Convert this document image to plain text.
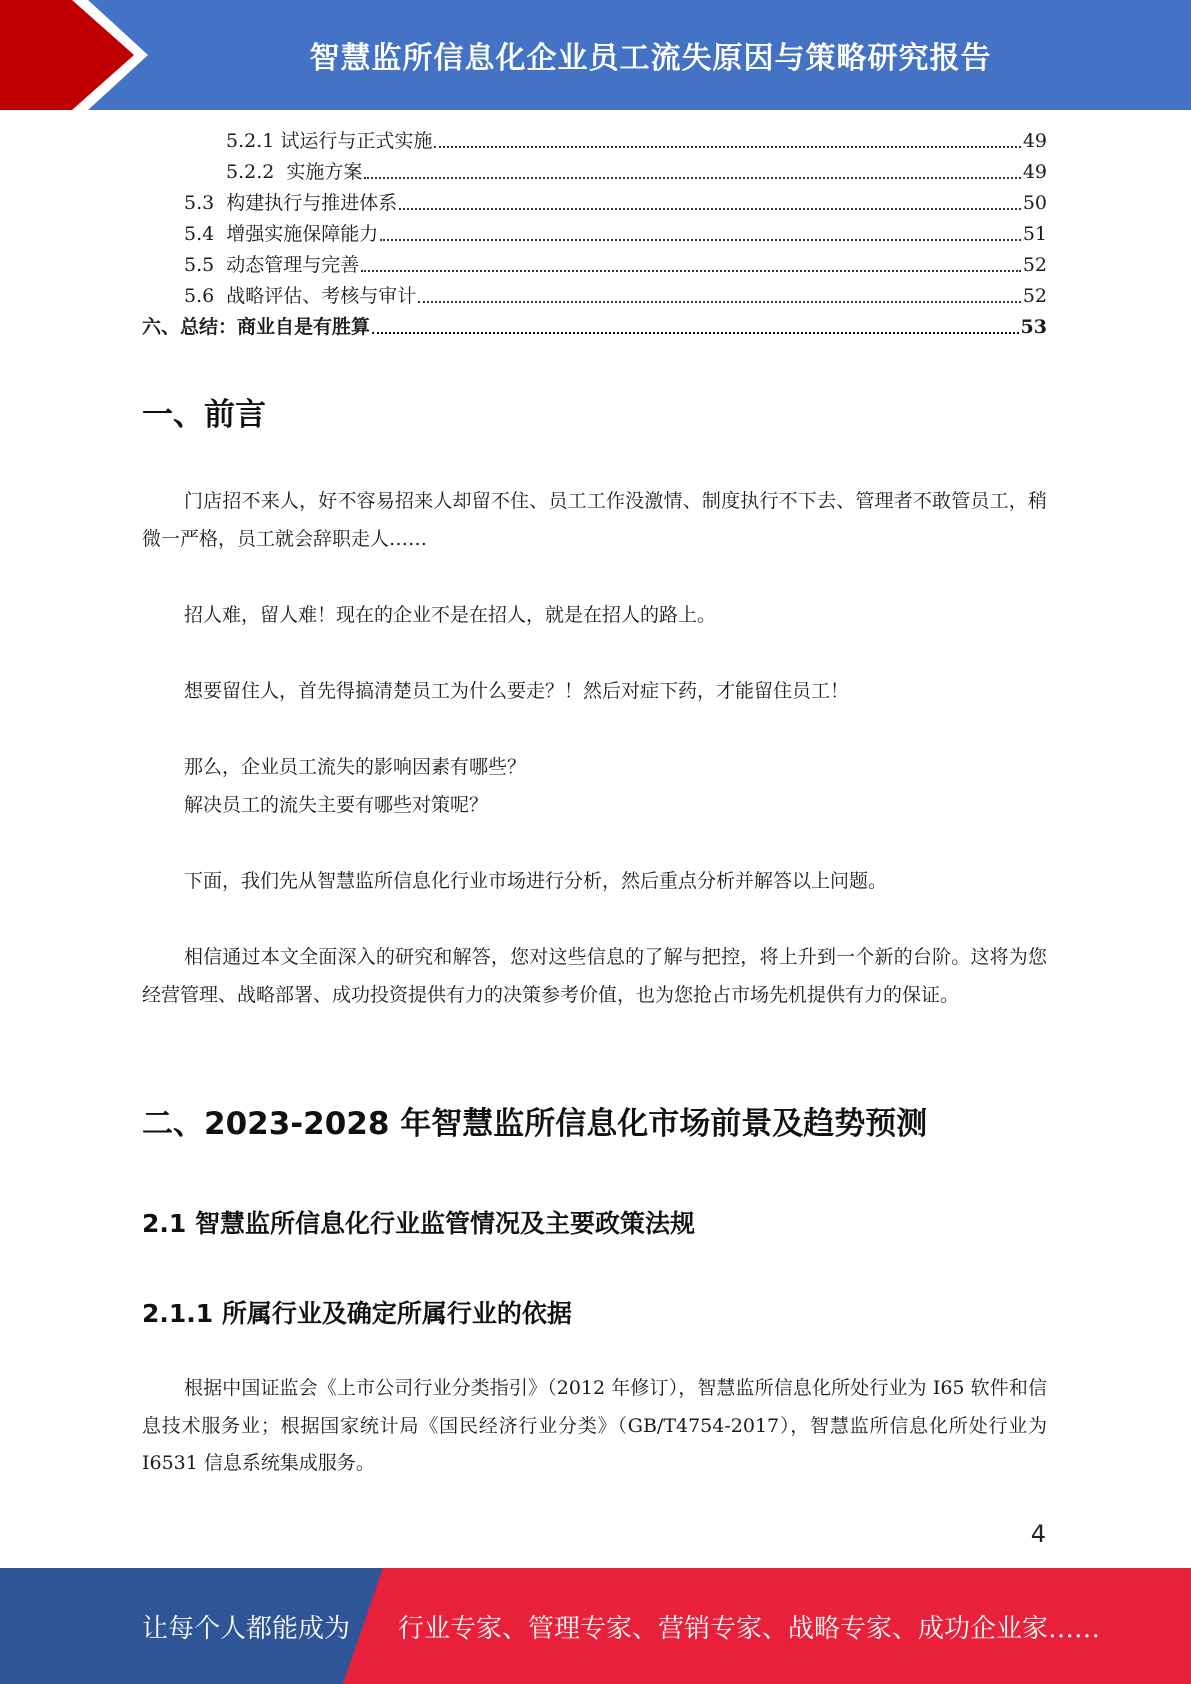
智慧监所信息化企业员工流失原因与策略研究报告
5.2.1 试运行与正式实施	49
5.2.2  实施方案	49
5.3  构建执行与推进体系	50
5.4  增强实施保障能力	51
5.5  动态管理与完善	52
5.6  战略评估、考核与审计	52
六、总结：商业自是有胜算	53
一、前言

门店招不来人，好不容易招来人却留不住、员工工作没激情、制度执行不下去、管理者不敢管员工，稍微一严格，员工就会辞职走人……

招人难，留人难！现在的企业不是在招人，就是在招人的路上。

想要留住人，首先得搞清楚员工为什么要走？！然后对症下药，才能留住员工！

那么，企业员工流失的影响因素有哪些？

解决员工的流失主要有哪些对策呢？

下面，我们先从智慧监所信息化行业市场进行分析，然后重点分析并解答以上问题。

相信通过本文全面深入的研究和解答，您对这些信息的了解与把控，将上升到一个新的台阶。这将为您经营管理、战略部署、成功投资提供有力的决策参考价值，也为您抢占市场先机提供有力的保证。

二、2023-2028 年智慧监所信息化市场前景及趋势预测
2.1 智慧监所信息化行业监管情况及主要政策法规
2.1.1 所属行业及确定所属行业的依据

根据中国证监会《上市公司行业分类指引》（2012 年修订），智慧监所信息化所处行业为 I65 软件和信息技术服务业；根据国家统计局《国民经济行业分类》（GB/T4754-2017），智慧监所信息化所处行业为 I6531 信息系统集成服务。

4
让每个人都能成为 行业专家、管理专家、营销专家、战略专家、成功企业家……
